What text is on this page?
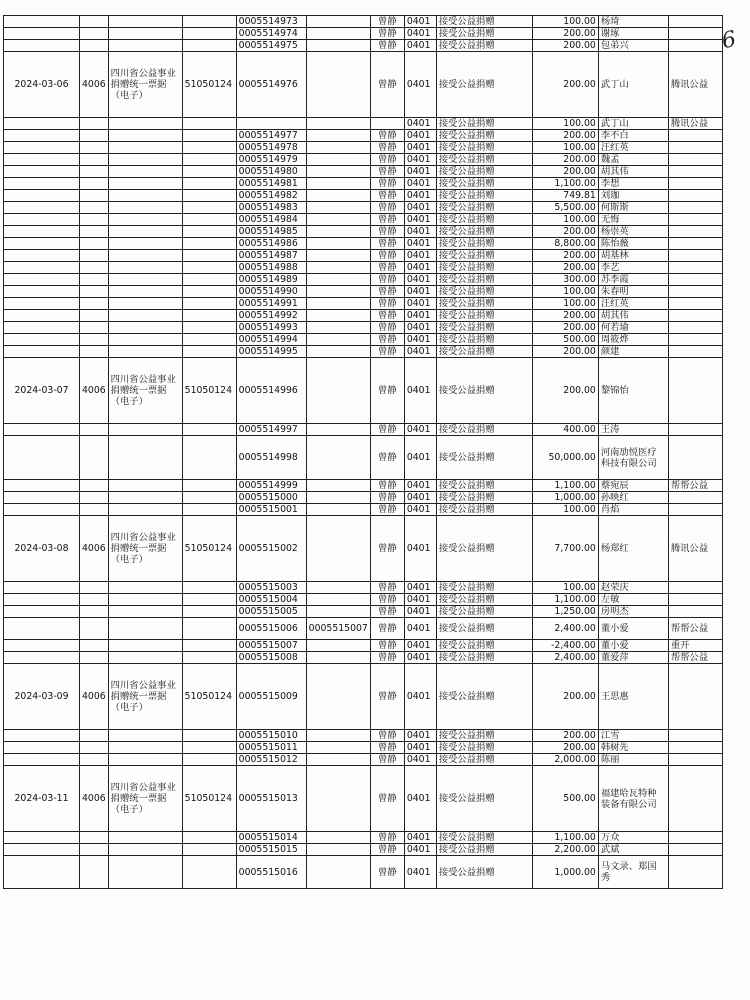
				0005514973		曾静	0401	接受公益捐赠	100.00	杨琦	
				0005514974		曾静	0401	接受公益捐赠	200.00	谢琢	
				0005514975		曾静	0401	接受公益捐赠	200.00	包弟兴	
2024-03-06	4006	四川省公益事业捐赠统一票据（电子）	51050124	0005514976		曾静	0401	接受公益捐赠	200.00	武丁山	腾讯公益
							0401	接受公益捐赠	100.00	武丁山	腾讯公益
				0005514977		曾静	0401	接受公益捐赠	200.00	李不白	
				0005514978		曾静	0401	接受公益捐赠	100.00	汪红英	
				0005514979		曾静	0401	接受公益捐赠	200.00	魏孟	
				0005514980		曾静	0401	接受公益捐赠	200.00	胡其伟	
				0005514981		曾静	0401	接受公益捐赠	1,100.00	李想	
				0005514982		曾静	0401	接受公益捐赠	749.81	刘珈	
				0005514983		曾静	0401	接受公益捐赠	5,500.00	何斯斯	
				0005514984		曾静	0401	接受公益捐赠	100.00	无悔	
				0005514985		曾静	0401	接受公益捐赠	200.00	杨崇英	
				0005514986		曾静	0401	接受公益捐赠	8,800.00	陈怡薇	
				0005514987		曾静	0401	接受公益捐赠	200.00	胡基林	
				0005514988		曾静	0401	接受公益捐赠	200.00	李艺	
				0005514989		曾静	0401	接受公益捐赠	300.00	苏李霞	
				0005514990		曾静	0401	接受公益捐赠	100.00	朱春明	
				0005514991		曾静	0401	接受公益捐赠	100.00	汪红英	
				0005514992		曾静	0401	接受公益捐赠	200.00	胡其伟	
				0005514993		曾静	0401	接受公益捐赠	200.00	何若瑜	
				0005514994		曾静	0401	接受公益捐赠	500.00	周筱烨	
				0005514995		曾静	0401	接受公益捐赠	200.00	颜建	
2024-03-07	4006	四川省公益事业捐赠统一票据（电子）	51050124	0005514996		曾静	0401	接受公益捐赠	200.00	黎锦怡	
				0005514997		曾静	0401	接受公益捐赠	400.00	王涛	
				0005514998		曾静	0401	接受公益捐赠	50,000.00	河南劢悦医疗科技有限公司	
				0005514999		曾静	0401	接受公益捐赠	1,100.00	蔡宛辰	帮帮公益
				0005515000		曾静	0401	接受公益捐赠	1,000.00	孙映红	
				0005515001		曾静	0401	接受公益捐赠	100.00	肖焰	
2024-03-08	4006	四川省公益事业捐赠统一票据（电子）	51050124	0005515002		曾静	0401	接受公益捐赠	7,700.00	杨郑红	腾讯公益
				0005515003		曾静	0401	接受公益捐赠	100.00	赵荣庆	
				0005515004		曾静	0401	接受公益捐赠	1,100.00	左敏	
				0005515005		曾静	0401	接受公益捐赠	1,250.00	房明杰	
				0005515006	0005515007	曾静	0401	接受公益捐赠	2,400.00	董小爱	帮帮公益
				0005515007		曾静	0401	接受公益捐赠	-2,400.00	董小爱	重开
				0005515008		曾静	0401	接受公益捐赠	2,400.00	董爱萍	帮帮公益
2024-03-09	4006	四川省公益事业捐赠统一票据（电子）	51050124	0005515009		曾静	0401	接受公益捐赠	200.00	王思惠	
				0005515010		曾静	0401	接受公益捐赠	200.00	江雪	
				0005515011		曾静	0401	接受公益捐赠	200.00	韩树先	
				0005515012		曾静	0401	接受公益捐赠	2,000.00	陈丽	
2024-03-11	4006	四川省公益事业捐赠统一票据（电子）	51050124	0005515013		曾静	0401	接受公益捐赠	500.00	福建哈瓦特种装备有限公司	
				0005515014		曾静	0401	接受公益捐赠	1,100.00	万众	
				0005515015		曾静	0401	接受公益捐赠	2,200.00	武斌	
				0005515016		曾静	0401	接受公益捐赠	1,000.00	马文录、郑国秀	
6
